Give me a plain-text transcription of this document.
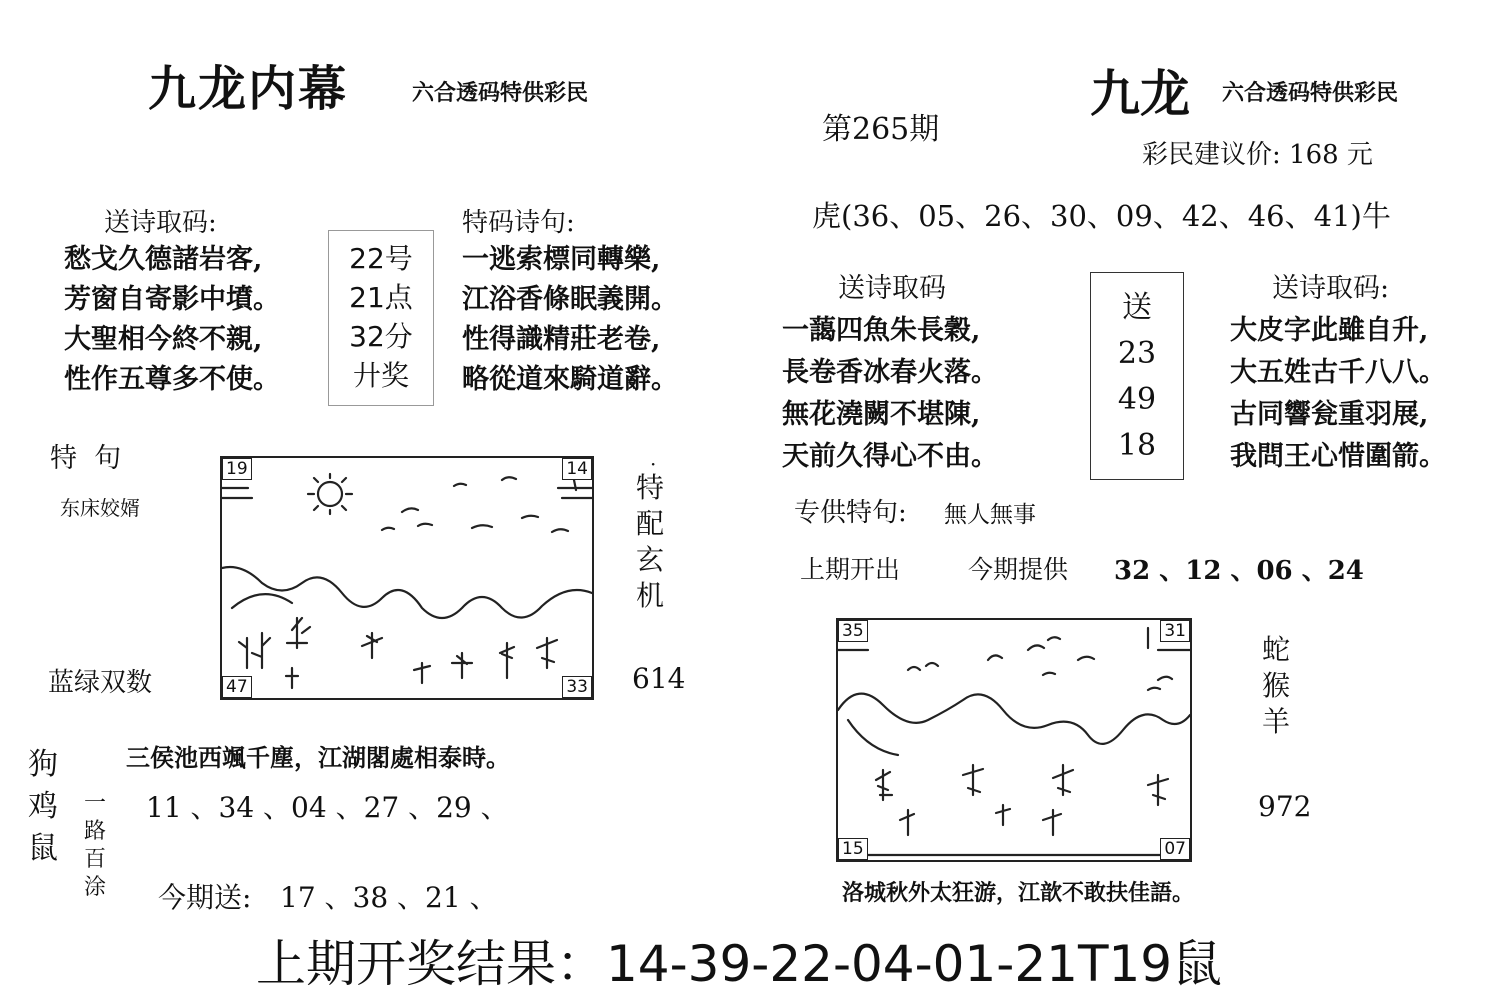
九龙内幕	六合透码特供彩民
第265期
九龙 六合透码特供彩民
彩民建议价: 168 元
送诗取码:
愁戈久德諸岩客,
芳窗自寄影中墳。
大聖相今終不親,
性作五尊多不使。
22号
21点
32分
廾奖
特码诗句:
一逃索標同轉樂,
江浴香條眠義開。
性得識精莊老卷,
略從道來騎道辭。
特  句
东床姣婿
蓝绿双数
19	14
47	33
·
特
配
玄
机
614
狗
鸡
鼠
三侯池西颯千塵，江湖閣處相泰時。
一
路
百
涂
11 、34 、04 、27 、29 、
今期送: 17 、38 、21 、
虎(36、05、26、30、09、42、46、41)牛
送诗取码
一藹四魚朱長穀,
長卷香冰春火落。
無花澆闕不堪陳,
天前久得心不由。
送
23
49
18
送诗取码:
大皮字此雖自升,
大五姓古千八八。
古同響瓮重羽展,
我問王心惜圍箭。
专供特句: 無人無事
上期开出	今期提供 32 、12 、06 、24
35	31
15	07
蛇
猴
羊
972
洛城秋外太狂游，江歆不敢扶佳語。
上期开奖结果：14-39-22-04-01-21T19鼠
